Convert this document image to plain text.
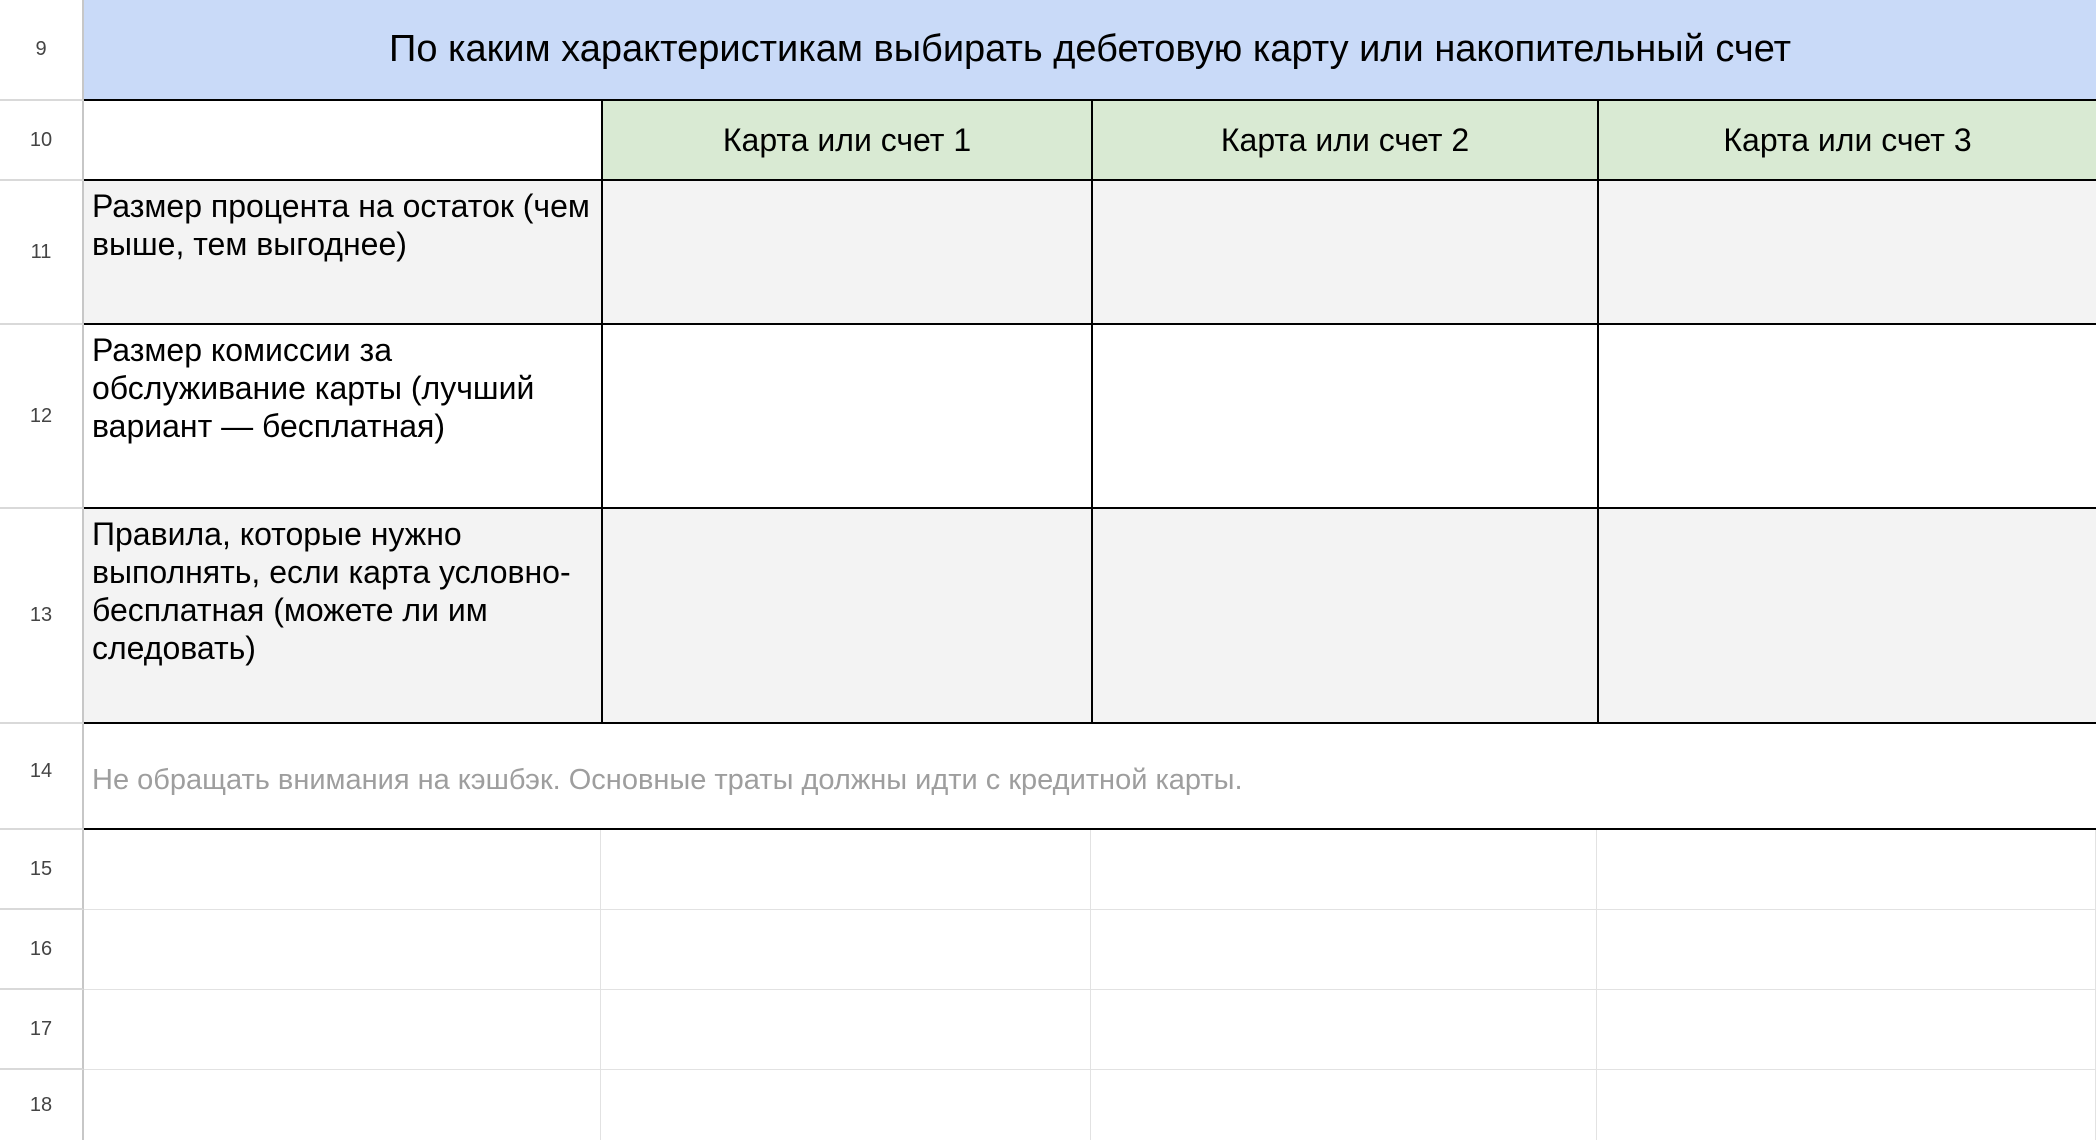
9
10
11
12
13
14
15
16
17
18
По каким характеристикам выбирать дебетовую карту или накопительный счет
Карта или счет 1	Карта или счет 2	Карта или счет 3
Размер процента на остаток (чем выше, тем выгоднее)
Размер комиссии за обслуживание карты (лучший вариант — бесплатная)
Правила, которые нужно выполнять, если карта условно-бесплатная (можете ли им следовать)
Не обращать внимания на кэшбэк. Основные траты должны идти с кредитной карты.
